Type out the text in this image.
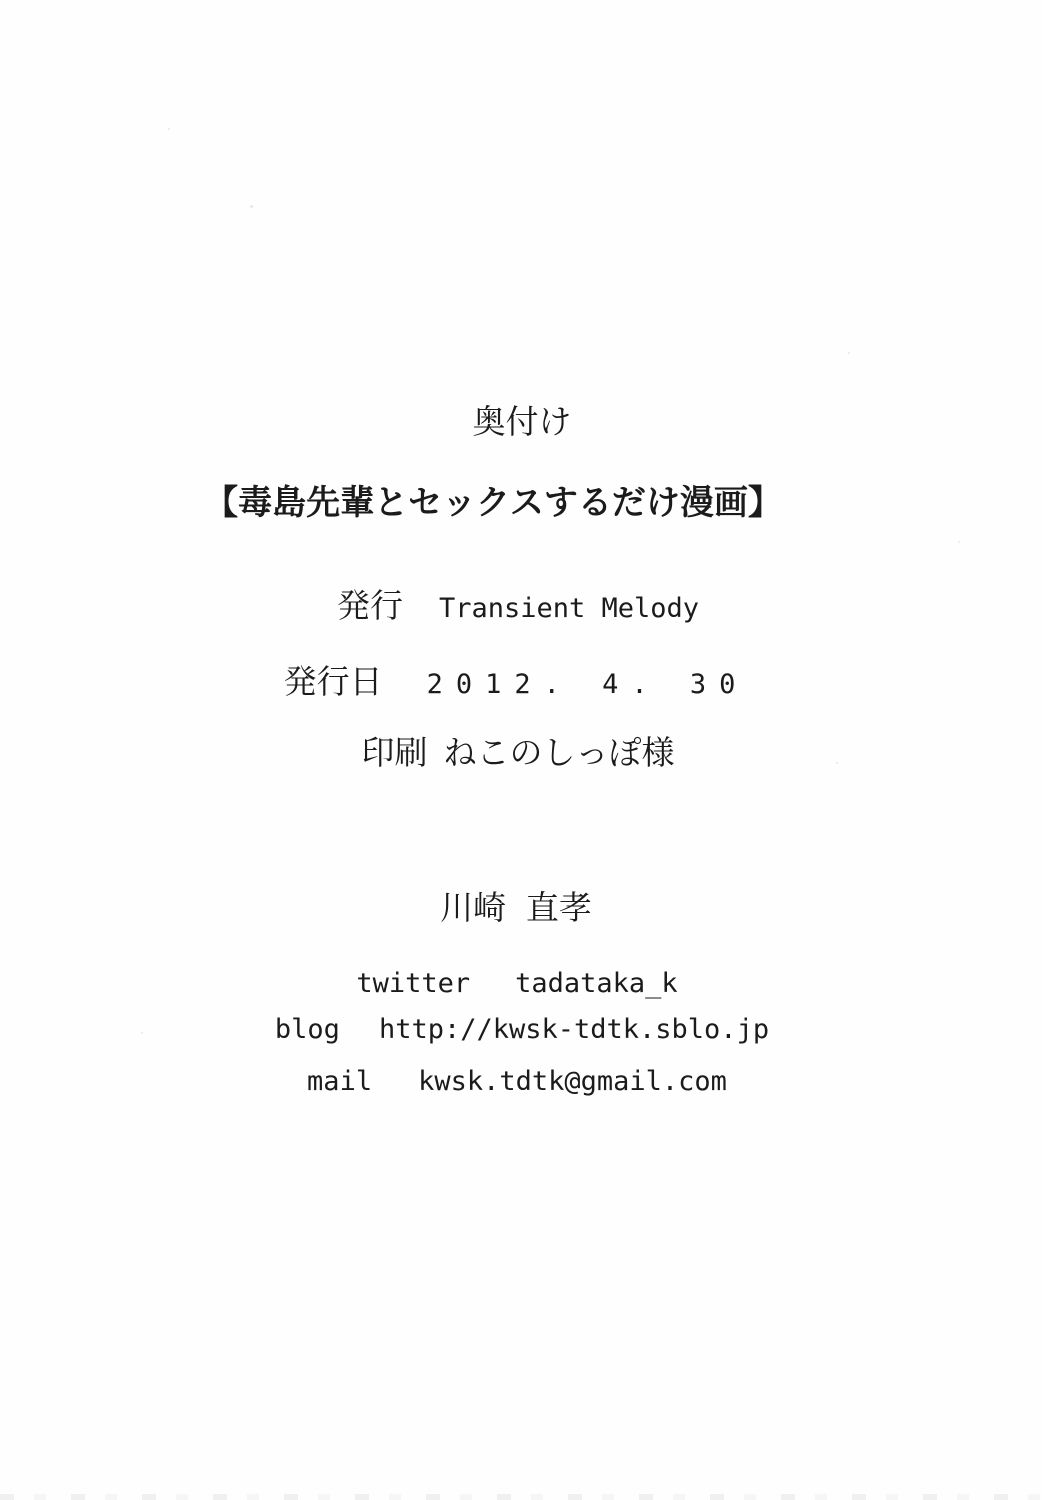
奥付け
【毒島先輩とセックスするだけ漫画】
発行 Transient Melody
発行日 2012. 4. 30
印刷 ねこのしっぽ様
川崎 直孝
twitter tadataka_k
blog http://kwsk-tdtk.sblo.jp
mail kwsk.tdtk@gmail.com
